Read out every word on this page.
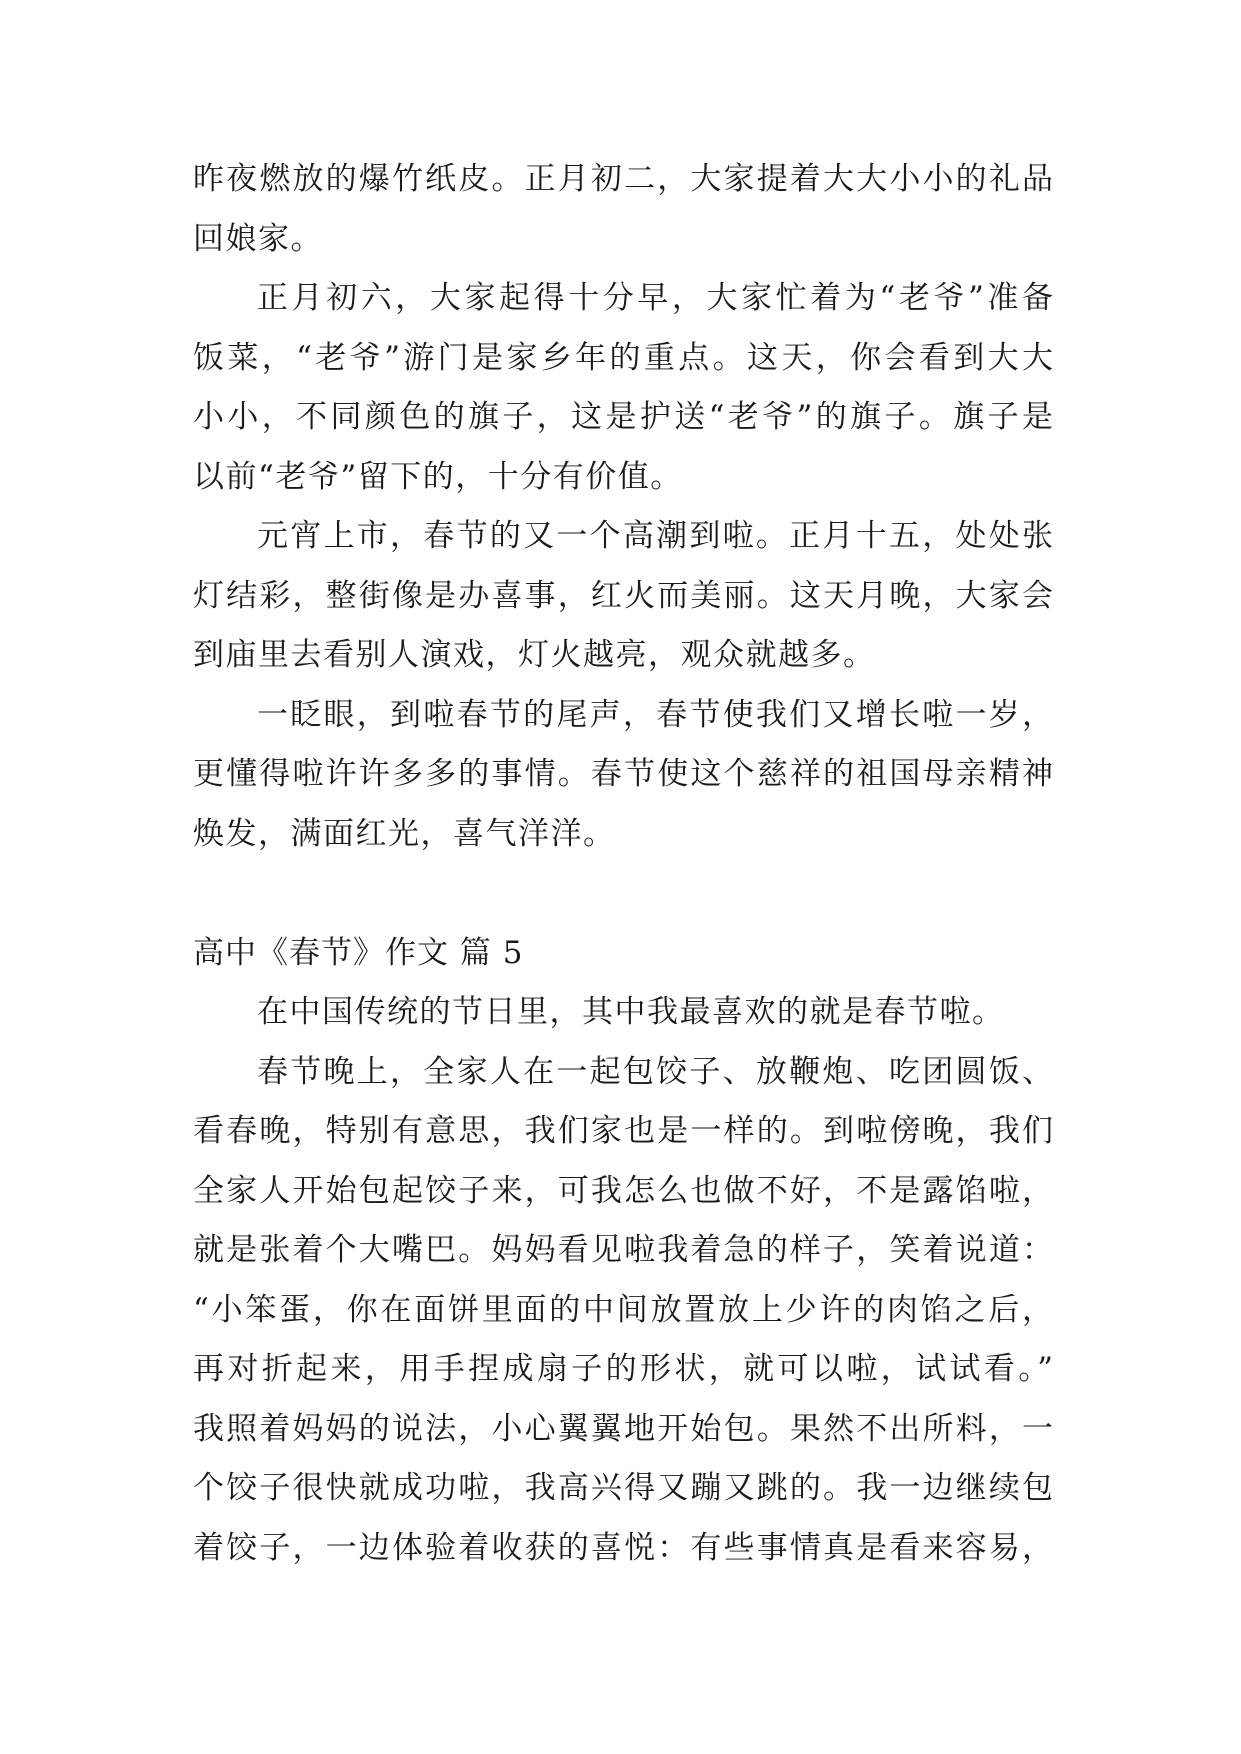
昨夜燃放的爆竹纸皮。正月初二，大家提着大大小小的礼品
回娘家。
正月初六，大家起得十分早，大家忙着为“老爷”准备
饭菜，“老爷”游门是家乡年的重点。这天，你会看到大大
小小，不同颜色的旗子，这是护送“老爷”的旗子。旗子是
以前“老爷”留下的，十分有价值。
元宵上市，春节的又一个高潮到啦。正月十五，处处张
灯结彩，整街像是办喜事，红火而美丽。这天月晚，大家会
到庙里去看别人演戏，灯火越亮，观众就越多。
一眨眼，到啦春节的尾声，春节使我们又增长啦一岁，
更懂得啦许许多多的事情。春节使这个慈祥的祖国母亲精神
焕发，满面红光，喜气洋洋。
高中《春节》作文 篇 5
在中国传统的节日里，其中我最喜欢的就是春节啦。
春节晚上，全家人在一起包饺子、放鞭炮、吃团圆饭、
看春晚，特别有意思，我们家也是一样的。到啦傍晚，我们
全家人开始包起饺子来，可我怎么也做不好，不是露馅啦，
就是张着个大嘴巴。妈妈看见啦我着急的样子，笑着说道：
“小笨蛋，你在面饼里面的中间放置放上少许的肉馅之后，
再对折起来，用手捏成扇子的形状，就可以啦，试试看。”
我照着妈妈的说法，小心翼翼地开始包。果然不出所料，一
个饺子很快就成功啦，我高兴得又蹦又跳的。我一边继续包
着饺子，一边体验着收获的喜悦：有些事情真是看来容易，
